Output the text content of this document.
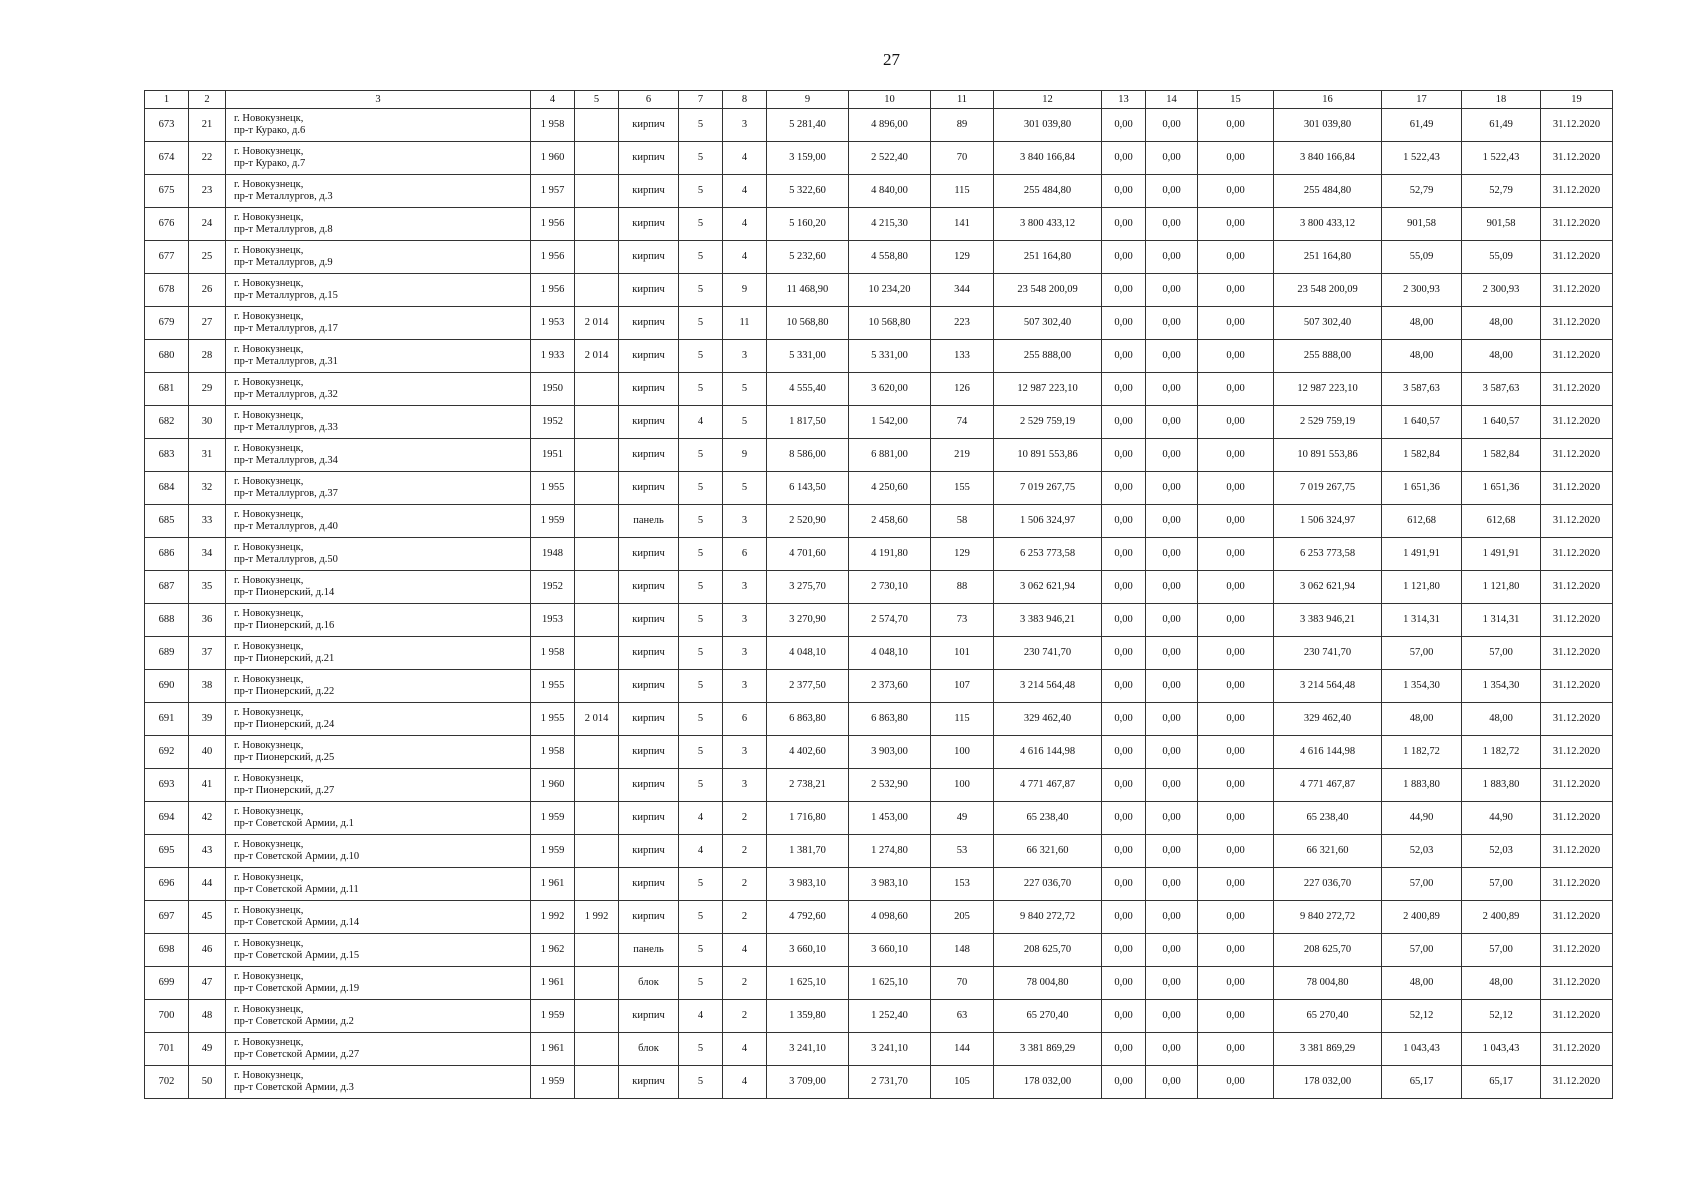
27
1	2	3	4	5	6	7	8	9	10	11	12	13	14	15	16	17	18	19
673	21	г. Новокузнецк,
пр-т Курако, д.6	1 958		кирпич	5	3	5 281,40	4 896,00	89	301 039,80	0,00	0,00	0,00	301 039,80	61,49	61,49	31.12.2020
674	22	г. Новокузнецк,
пр-т Курако, д.7	1 960		кирпич	5	4	3 159,00	2 522,40	70	3 840 166,84	0,00	0,00	0,00	3 840 166,84	1 522,43	1 522,43	31.12.2020
675	23	г. Новокузнецк,
пр-т Металлургов, д.3	1 957		кирпич	5	4	5 322,60	4 840,00	115	255 484,80	0,00	0,00	0,00	255 484,80	52,79	52,79	31.12.2020
676	24	г. Новокузнецк,
пр-т Металлургов, д.8	1 956		кирпич	5	4	5 160,20	4 215,30	141	3 800 433,12	0,00	0,00	0,00	3 800 433,12	901,58	901,58	31.12.2020
677	25	г. Новокузнецк,
пр-т Металлургов, д.9	1 956		кирпич	5	4	5 232,60	4 558,80	129	251 164,80	0,00	0,00	0,00	251 164,80	55,09	55,09	31.12.2020
678	26	г. Новокузнецк,
пр-т Металлургов, д.15	1 956		кирпич	5	9	11 468,90	10 234,20	344	23 548 200,09	0,00	0,00	0,00	23 548 200,09	2 300,93	2 300,93	31.12.2020
679	27	г. Новокузнецк,
пр-т Металлургов, д.17	1 953	2 014	кирпич	5	11	10 568,80	10 568,80	223	507 302,40	0,00	0,00	0,00	507 302,40	48,00	48,00	31.12.2020
680	28	г. Новокузнецк,
пр-т Металлургов, д.31	1 933	2 014	кирпич	5	3	5 331,00	5 331,00	133	255 888,00	0,00	0,00	0,00	255 888,00	48,00	48,00	31.12.2020
681	29	г. Новокузнецк,
пр-т Металлургов, д.32	1950		кирпич	5	5	4 555,40	3 620,00	126	12 987 223,10	0,00	0,00	0,00	12 987 223,10	3 587,63	3 587,63	31.12.2020
682	30	г. Новокузнецк,
пр-т Металлургов, д.33	1952		кирпич	4	5	1 817,50	1 542,00	74	2 529 759,19	0,00	0,00	0,00	2 529 759,19	1 640,57	1 640,57	31.12.2020
683	31	г. Новокузнецк,
пр-т Металлургов, д.34	1951		кирпич	5	9	8 586,00	6 881,00	219	10 891 553,86	0,00	0,00	0,00	10 891 553,86	1 582,84	1 582,84	31.12.2020
684	32	г. Новокузнецк,
пр-т Металлургов, д.37	1 955		кирпич	5	5	6 143,50	4 250,60	155	7 019 267,75	0,00	0,00	0,00	7 019 267,75	1 651,36	1 651,36	31.12.2020
685	33	г. Новокузнецк,
пр-т Металлургов, д.40	1 959		панель	5	3	2 520,90	2 458,60	58	1 506 324,97	0,00	0,00	0,00	1 506 324,97	612,68	612,68	31.12.2020
686	34	г. Новокузнецк,
пр-т Металлургов, д.50	1948		кирпич	5	6	4 701,60	4 191,80	129	6 253 773,58	0,00	0,00	0,00	6 253 773,58	1 491,91	1 491,91	31.12.2020
687	35	г. Новокузнецк,
пр-т Пионерский, д.14	1952		кирпич	5	3	3 275,70	2 730,10	88	3 062 621,94	0,00	0,00	0,00	3 062 621,94	1 121,80	1 121,80	31.12.2020
688	36	г. Новокузнецк,
пр-т Пионерский, д.16	1953		кирпич	5	3	3 270,90	2 574,70	73	3 383 946,21	0,00	0,00	0,00	3 383 946,21	1 314,31	1 314,31	31.12.2020
689	37	г. Новокузнецк,
пр-т Пионерский, д.21	1 958		кирпич	5	3	4 048,10	4 048,10	101	230 741,70	0,00	0,00	0,00	230 741,70	57,00	57,00	31.12.2020
690	38	г. Новокузнецк,
пр-т Пионерский, д.22	1 955		кирпич	5	3	2 377,50	2 373,60	107	3 214 564,48	0,00	0,00	0,00	3 214 564,48	1 354,30	1 354,30	31.12.2020
691	39	г. Новокузнецк,
пр-т Пионерский, д.24	1 955	2 014	кирпич	5	6	6 863,80	6 863,80	115	329 462,40	0,00	0,00	0,00	329 462,40	48,00	48,00	31.12.2020
692	40	г. Новокузнецк,
пр-т Пионерский, д.25	1 958		кирпич	5	3	4 402,60	3 903,00	100	4 616 144,98	0,00	0,00	0,00	4 616 144,98	1 182,72	1 182,72	31.12.2020
693	41	г. Новокузнецк,
пр-т Пионерский, д.27	1 960		кирпич	5	3	2 738,21	2 532,90	100	4 771 467,87	0,00	0,00	0,00	4 771 467,87	1 883,80	1 883,80	31.12.2020
694	42	г. Новокузнецк,
пр-т Советской Армии, д.1	1 959		кирпич	4	2	1 716,80	1 453,00	49	65 238,40	0,00	0,00	0,00	65 238,40	44,90	44,90	31.12.2020
695	43	г. Новокузнецк,
пр-т Советской Армии, д.10	1 959		кирпич	4	2	1 381,70	1 274,80	53	66 321,60	0,00	0,00	0,00	66 321,60	52,03	52,03	31.12.2020
696	44	г. Новокузнецк,
пр-т Советской Армии, д.11	1 961		кирпич	5	2	3 983,10	3 983,10	153	227 036,70	0,00	0,00	0,00	227 036,70	57,00	57,00	31.12.2020
697	45	г. Новокузнецк,
пр-т Советской Армии, д.14	1 992	1 992	кирпич	5	2	4 792,60	4 098,60	205	9 840 272,72	0,00	0,00	0,00	9 840 272,72	2 400,89	2 400,89	31.12.2020
698	46	г. Новокузнецк,
пр-т Советской Армии, д.15	1 962		панель	5	4	3 660,10	3 660,10	148	208 625,70	0,00	0,00	0,00	208 625,70	57,00	57,00	31.12.2020
699	47	г. Новокузнецк,
пр-т Советской Армии, д.19	1 961		блок	5	2	1 625,10	1 625,10	70	78 004,80	0,00	0,00	0,00	78 004,80	48,00	48,00	31.12.2020
700	48	г. Новокузнецк,
пр-т Советской Армии, д.2	1 959		кирпич	4	2	1 359,80	1 252,40	63	65 270,40	0,00	0,00	0,00	65 270,40	52,12	52,12	31.12.2020
701	49	г. Новокузнецк,
пр-т Советской Армии, д.27	1 961		блок	5	4	3 241,10	3 241,10	144	3 381 869,29	0,00	0,00	0,00	3 381 869,29	1 043,43	1 043,43	31.12.2020
702	50	г. Новокузнецк,
пр-т Советской Армии, д.3	1 959		кирпич	5	4	3 709,00	2 731,70	105	178 032,00	0,00	0,00	0,00	178 032,00	65,17	65,17	31.12.2020
